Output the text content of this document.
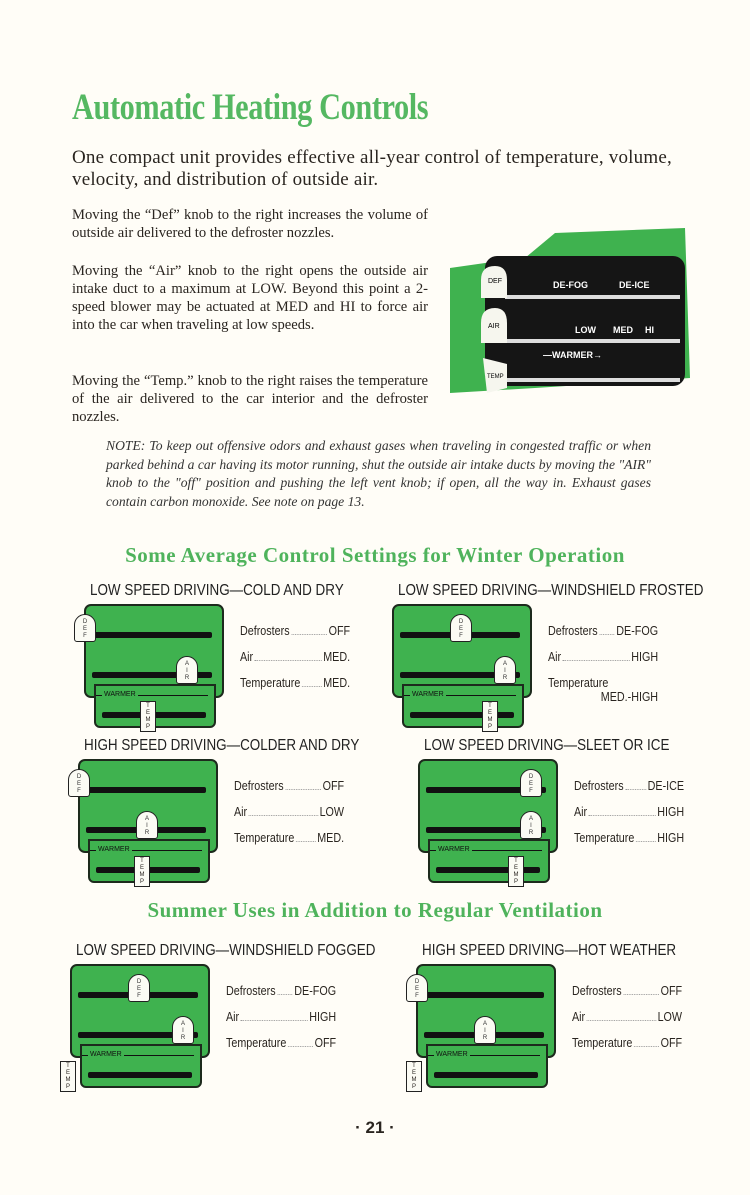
Automatic Heating Controls
One compact unit provides effective all-year control of temperature, volume, velocity, and distribution of outside air.
Moving the “Def” knob to the right increases the volume of outside air delivered to the defroster nozzles.
Moving the “Air” knob to the right opens the outside air intake duct to a maximum at LOW. Beyond this point a 2-speed blower may be actuated at MED and HI to force air into the car when traveling at low speeds.
Moving the “Temp.” knob to the right raises the temperature of the air delivered to the car interior and the defroster nozzles.
DE-FOG	DE-ICE
LOW MED HI
—WARMER→
DEF
AIR
TEMP
NOTE: To keep out offensive odors and exhaust gases when traveling in congested traffic or when parked behind a car having its motor running, shut the outside air intake ducts by moving the "AIR" knob to the "off" position and pushing the left vent knob; if open, all the way in. Exhaust gases contain carbon monoxide. See note on page 13.
Some Average Control Settings for Winter Operation
Summer Uses in Addition to Regular Ventilation
LOW SPEED DRIVING—COLD AND DRY
D
E
F
A
I
R
T
E
M
P
WARMER
Defrosters	OFF
Air	MED.
Temperature MED.
LOW SPEED DRIVING—WINDSHIELD FROSTED
D
E
F
A
I
R
T
E
M
P
WARMER
Defrosters DE-FOG
Air	HIGH
Temperature
MED.-HIGH
HIGH SPEED DRIVING—COLDER AND DRY
D
E
F
A
I
R
T
E
M
P
WARMER
Defrosters	OFF
Air	LOW
Temperature MED.
LOW SPEED DRIVING—SLEET OR ICE
D
E
F
A
I
R
T
E
M
P
WARMER
Defrosters DE-ICE
Air	HIGH
Temperature HIGH
LOW SPEED DRIVING—WINDSHIELD FOGGED
D
E
F
A
I
R
T
E
M
P
WARMER
Defrosters DE-FOG
Air	HIGH
Temperature OFF
HIGH SPEED DRIVING—HOT WEATHER
D
E
F
A
I
R
T
E
M
P
WARMER
Defrosters	OFF
Air	LOW
Temperature OFF
· 21 ·
